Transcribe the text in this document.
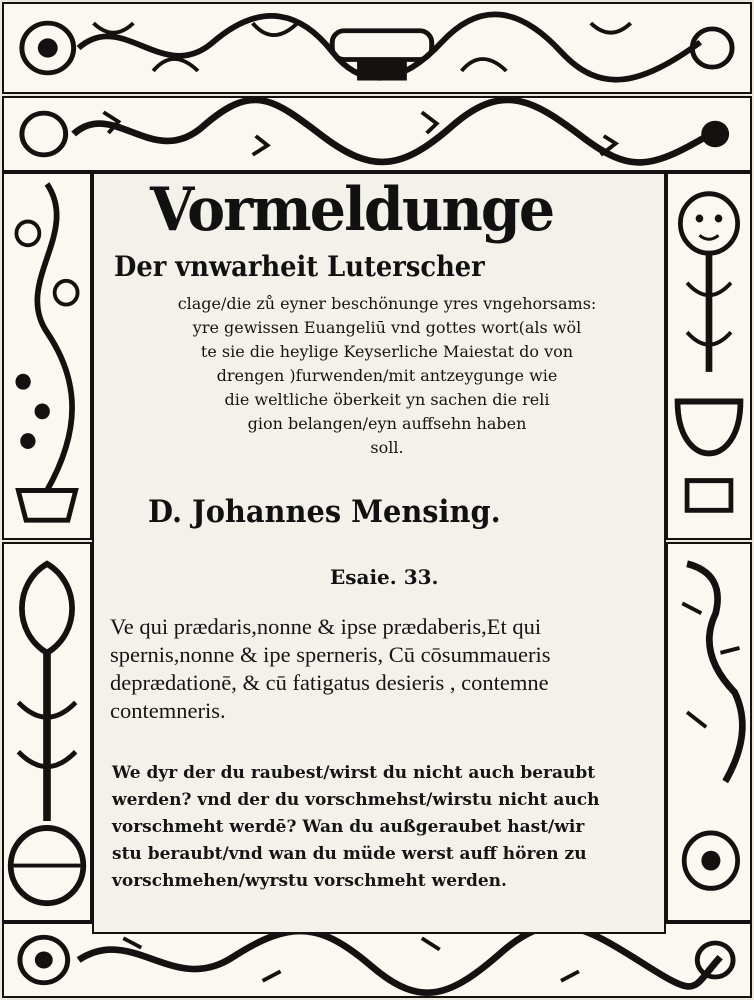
Vormeldunge
Der vnwarheit Luterscher
clage/die zů eyner beschönunge yres vngehorsams:
yre gewissen Euangeliū vnd gottes wort(als wöl
te sie die heylige Keyserliche Maiestat do von
drengen )furwenden/mit antzeygunge wie
die weltliche öberkeit yn sachen die reli
gion belangen/eyn auffsehn haben
soll.
D. Johannes Mensing.
Esaie. 33.
Ve qui prædaris,nonne & ipse prædaberis,Et qui
spernis,nonne & ipe sperneris, Cū cōsummaueris
deprædationē, & cū fatigatus desieris , contemne
contemneris.
We dyr der du raubest/wirst du nicht auch beraubt
werden? vnd der du vorschmehst/wirstu nicht auch
vorschmeht werdē? Wan du außgeraubet hast/wir
stu beraubt/vnd wan du müde werst auff hören zu
vorschmehen/wyrstu vorschmeht werden.
